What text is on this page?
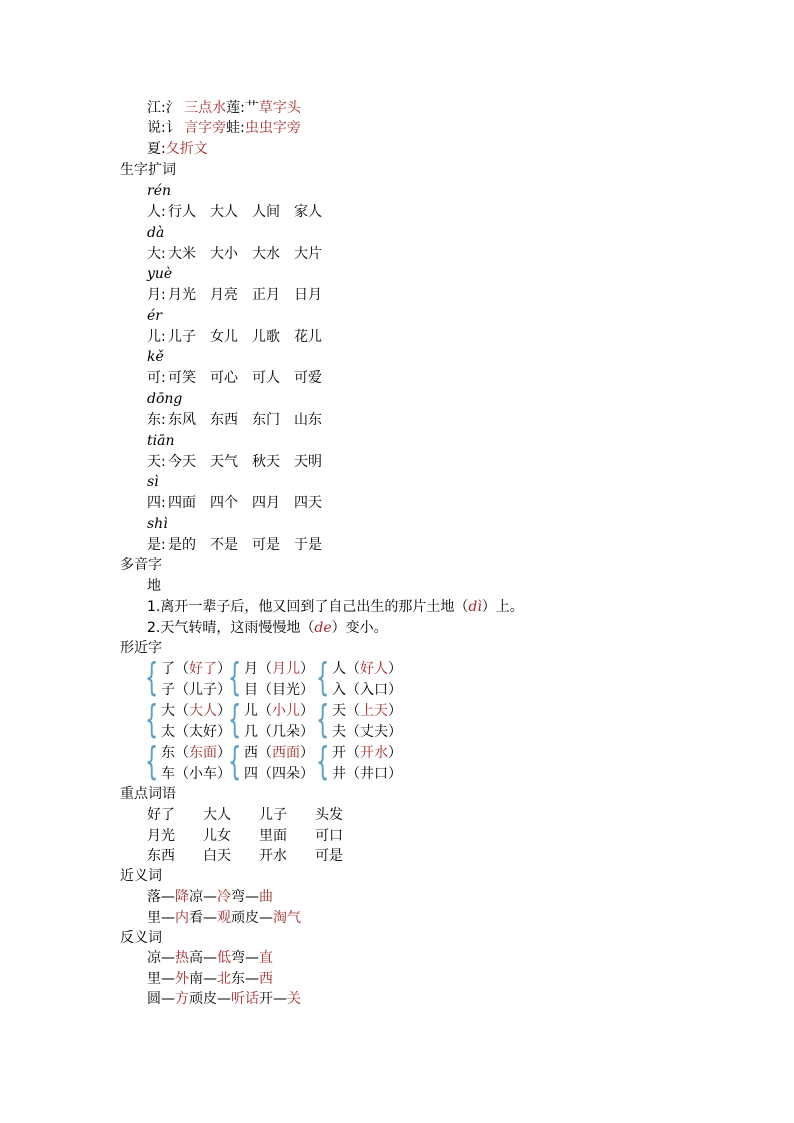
江:氵 三点水莲:艹草字头
说:讠 言字旁蛙:虫虫字旁
夏:夂折文
生字扩词
rén
人: 行人 大人 人间 家人
dà
大: 大米 大小 大水 大片
yuè
月: 月光 月亮 正月 日月
ér
儿: 儿子 女儿 儿歌 花儿
kě
可: 可笑 可心 可人 可爱
dōng
东: 东风 东西 东门 山东
tiān
天: 今天 天气 秋天 天明
sì
四: 四面 四个 四月 四天
shì
是: 是的 不是 可是 于是
多音字
地
1.离开一辈子后，他又回到了自己出生的那片土地（dì）上。
2.天气转晴，这雨慢慢地（de）变小。
形近字
{ 了（好了）
子（儿子）
{ 月（月儿）
目（目光） { 人（好人）
入（入口）
{ 大（大人）
太（太好）
{ 儿（小儿）
几（几朵） { 天（上天）
夫（丈夫）
{ 东（东面）
车（小车）
{ 西（西面）
四（四朵） { 开（开水）
井（井口）
重点词语
好了 大人 儿子 头发
月光 儿女 里面 可口
东西 白天 开水 可是
近义词
落—降凉—冷弯—曲
里—内看—观顽皮—淘气
反义词
凉—热高—低弯—直
里—外南—北东—西
圆—方顽皮—听话开—关
